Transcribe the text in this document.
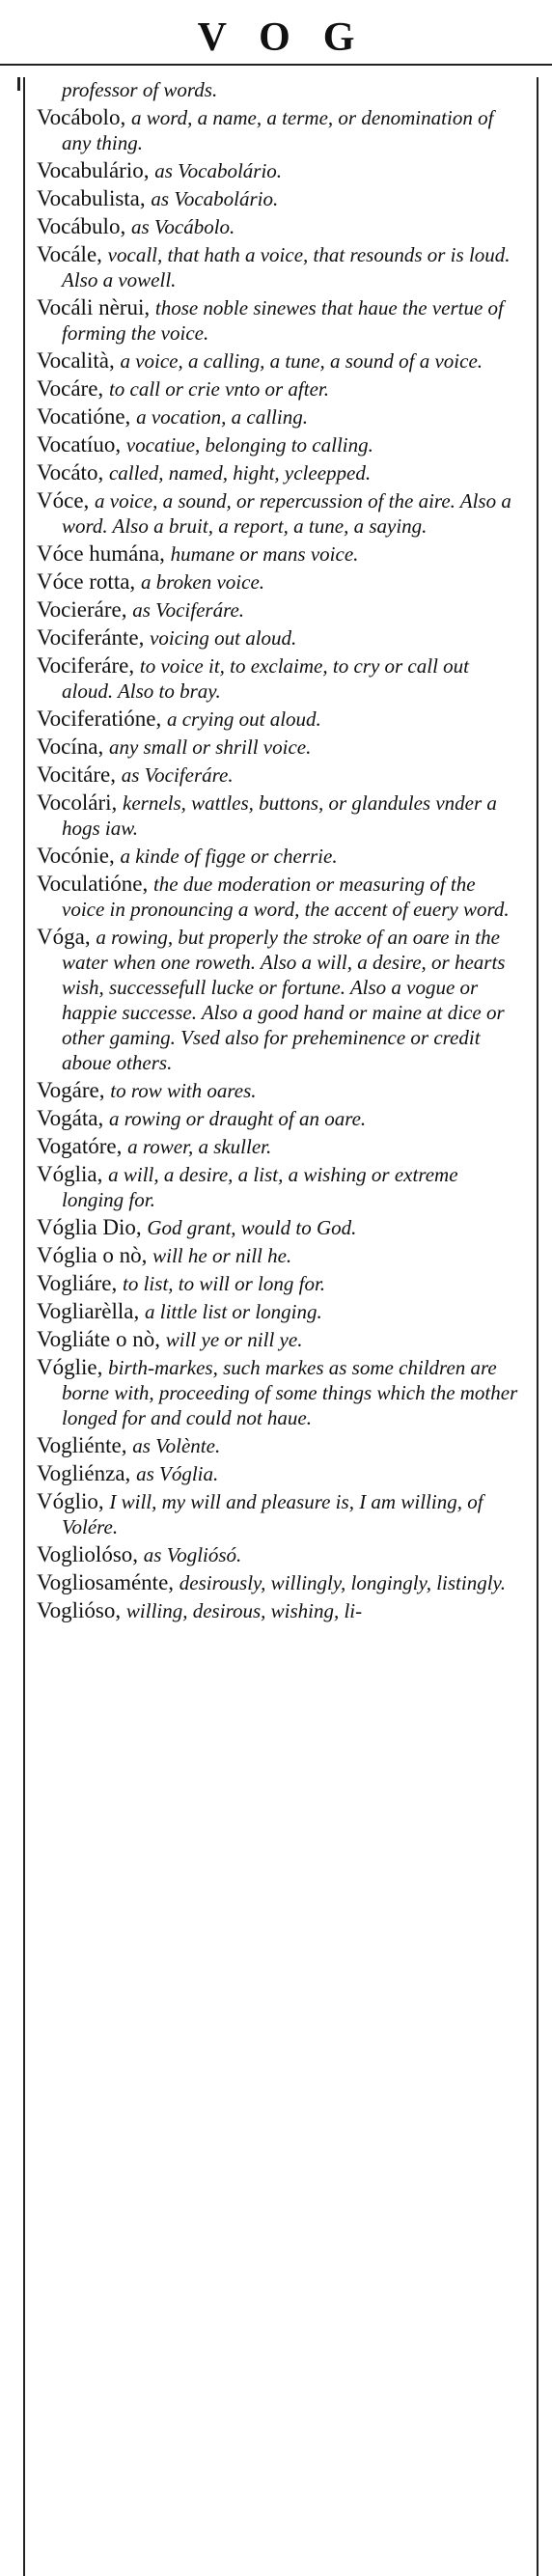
VOG
professor of words.
Vocábolo, a word, a name, a terme, or denomination of any thing.
Vocabulário, as Vocabolário.
Vocabulista, as Vocabolário.
Vocábulo, as Vocábolo.
Vocále, vocall, that hath a voice, that resounds or is loud. Also a vowell.
Vocáli nèrui, those noble sinewes that haue the vertue of forming the voice.
Vocalità, a voice, a calling, a tune, a sound of a voice.
Vocáre, to call or crie vnto or after.
Vocatióne, a vocation, a calling.
Vocatíuo, vocatiue, belonging to calling.
Vocáto, called, named, hight, ycleepped.
Vóce, a voice, a sound, or repercussion of the aire. Also a word. Also a bruit, a report, a tune, a saying.
Vóce humána, humane or mans voice.
Vóce rotta, a broken voice.
Vocieráre, as Vociferáre.
Vociferánte, voicing out aloud.
Vociferáre, to voice it, to exclaime, to cry or call out aloud. Also to bray.
Vociferatióne, a crying out aloud.
Vocína, any small or shrill voice.
Vocitáre, as Vociferáre.
Vocolári, kernels, wattles, buttons, or glandules vnder a hogs iaw.
Vocónie, a kinde of figge or cherrie.
Voculatióne, the due moderation or measuring of the voice in pronouncing a word, the accent of euery word.
Vóga, a rowing, but properly the stroke of an oare in the water when one roweth. Also a will, a desire, or hearts wish, successefull lucke or fortune. Also a vogue or happie successe. Also a good hand or maine at dice or other gaming. Vsed also for preheminence or credit aboue others.
Vogáre, to row with oares.
Vogáta, a rowing or draught of an oare.
Vogatóre, a rower, a skuller.
Vóglia, a will, a desire, a list, a wishing or extreme longing for.
Vóglia Dio, God grant, would to God.
Vóglia o nò, will he or nill he.
Vogliáre, to list, to will or long for.
Vogliarèlla, a little list or longing.
Vogliáte o nò, will ye or nill ye.
Vóglie, birth-markes, such markes as some children are borne with, proceeding of some things which the mother longed for and could not haue.
Vogliénte, as Volènte.
Vogliénza, as Vóglia.
Vóglio, I will, my will and pleasure is, I am willing, of Volére.
Vogliolóso, as Vogliósó.
Vogliosaménte, desirously, willingly, longingly, listingly.
Voglióso, willing, desirous, wishing, li-
